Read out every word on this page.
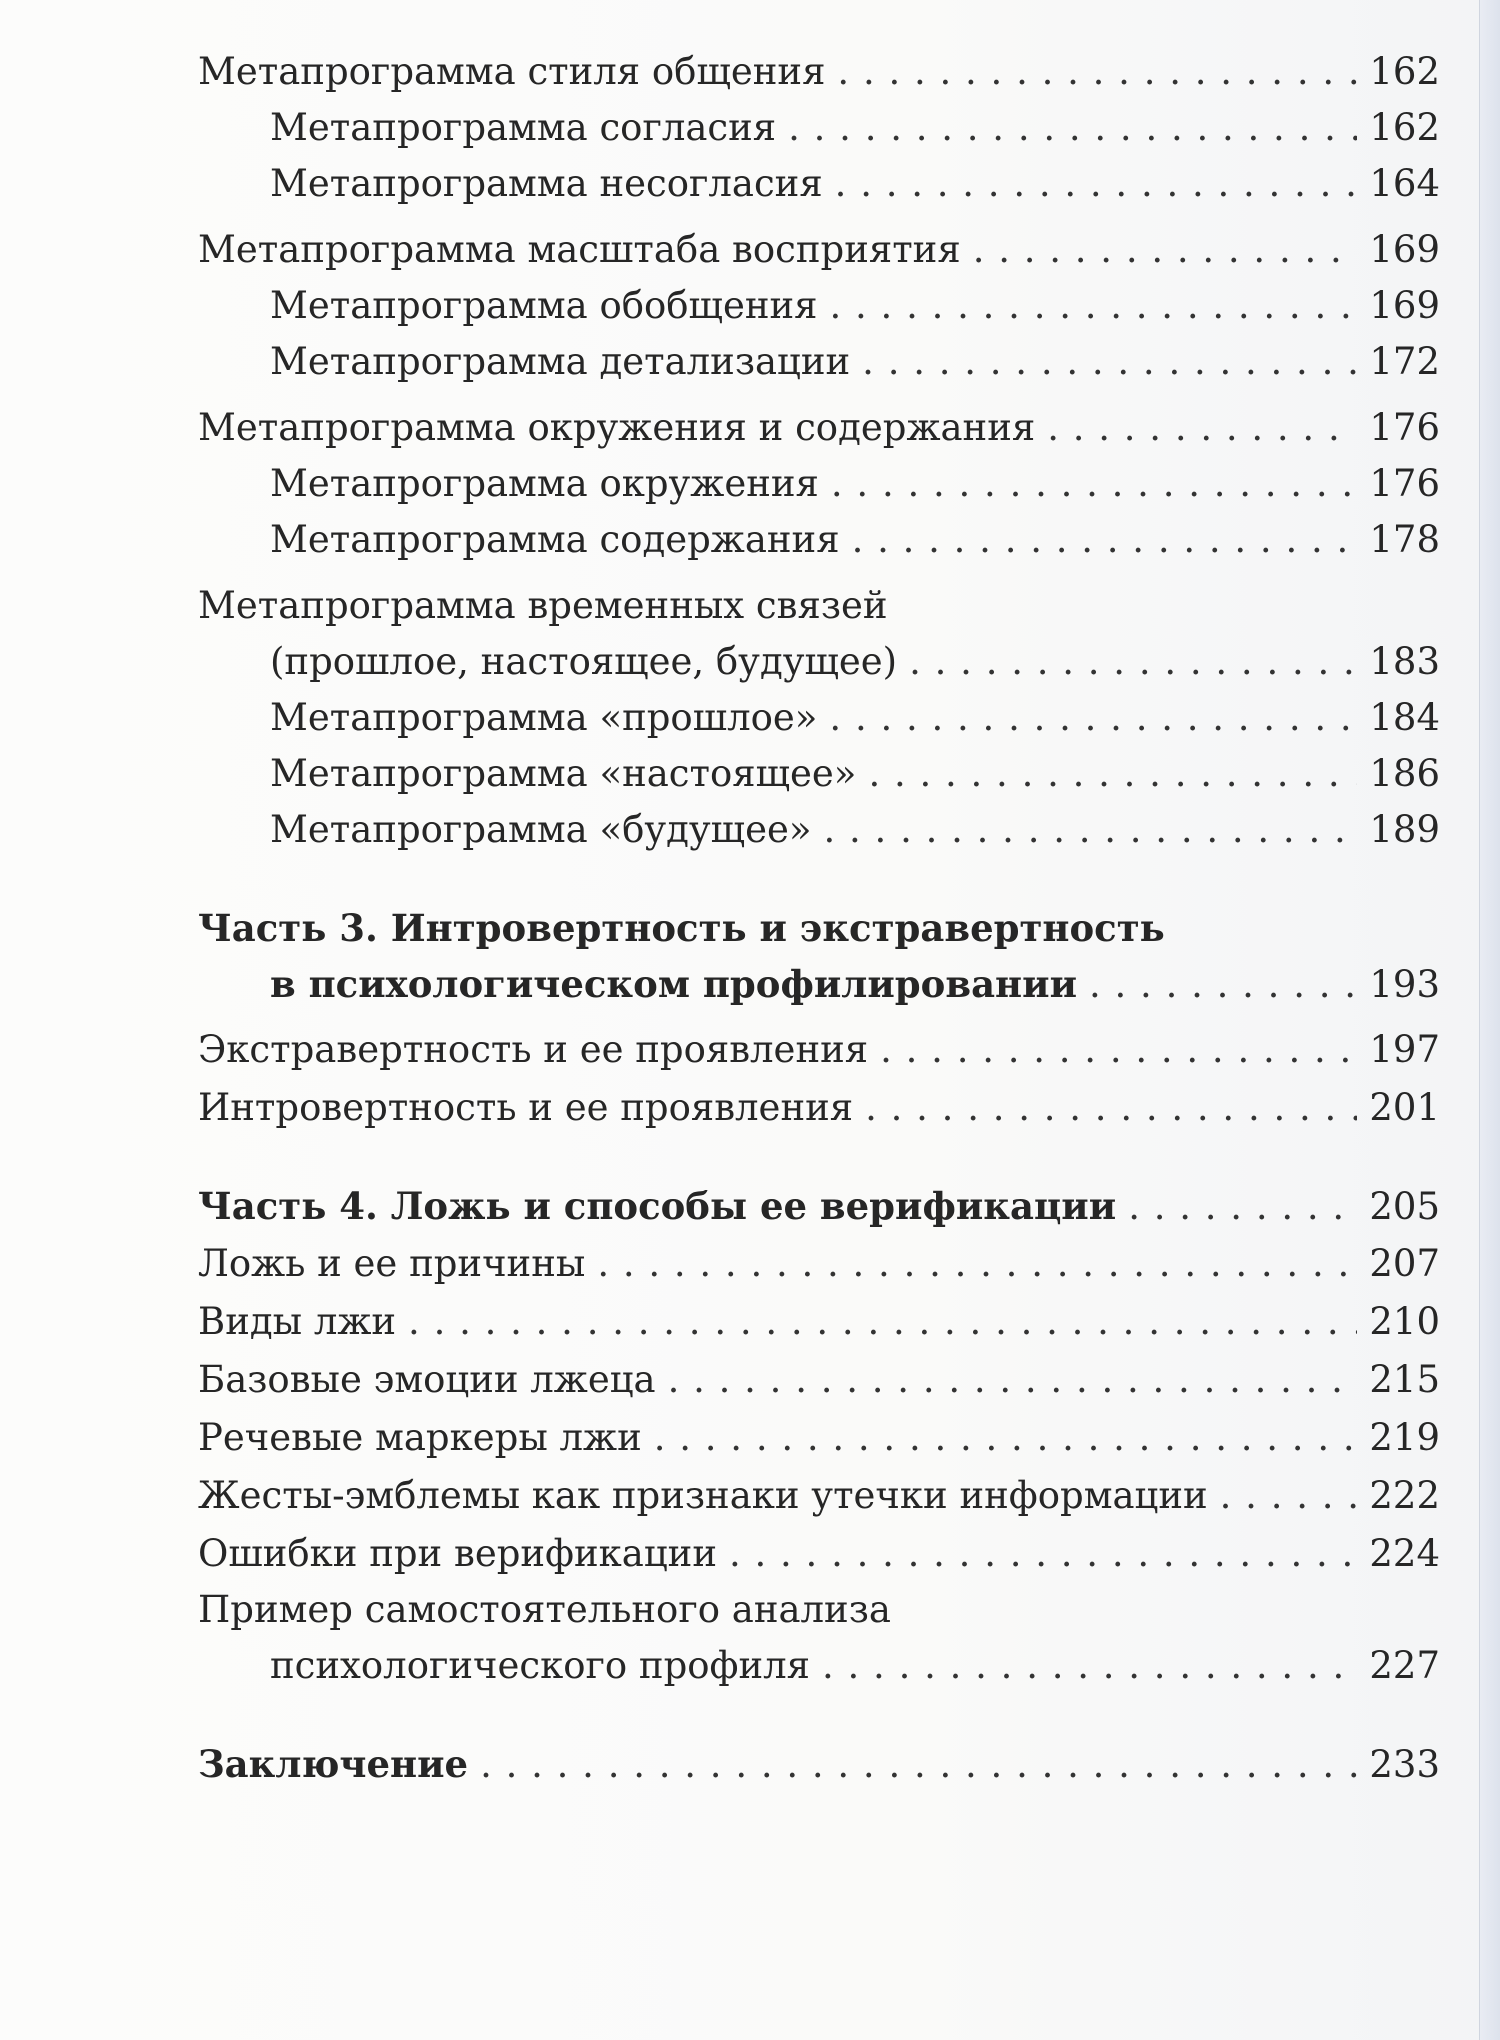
Метапрограмма стиля общения . . .	162
Метапрограмма согласия . . .	162
Метапрограмма несогласия . . .	164
Метапрограмма масштаба восприятия . . .	169
Метапрограмма обобщения . . .	169
Метапрограмма детализации . . .	172
Метапрограмма окружения и содержания . . .	176
Метапрограмма окружения . . .	176
Метапрограмма содержания . . .	178
Метапрограмма временных связей
(прошлое, настоящее, будущее) . . .	183
Метапрограмма «прошлое» . . .	184
Метапрограмма «настоящее» . . .	186
Метапрограмма «будущее» . . .	189
Часть 3. Интровертность и экстравертность
в психологическом профилировании . . .	193
Экстравертность и ее проявления . . .	197
Интровертность и ее проявления . . .	201
Часть 4. Ложь и способы ее верификации . . .	205
Ложь и ее причины . . .	207
Виды лжи . . .	210
Базовые эмоции лжеца . . .	215
Речевые маркеры лжи . . .	219
Жесты-эмблемы как признаки утечки информации . . .	222
Ошибки при верификации . . .	224
Пример самостоятельного анализа
психологического профиля . . .	227
Заключение . . .	233
